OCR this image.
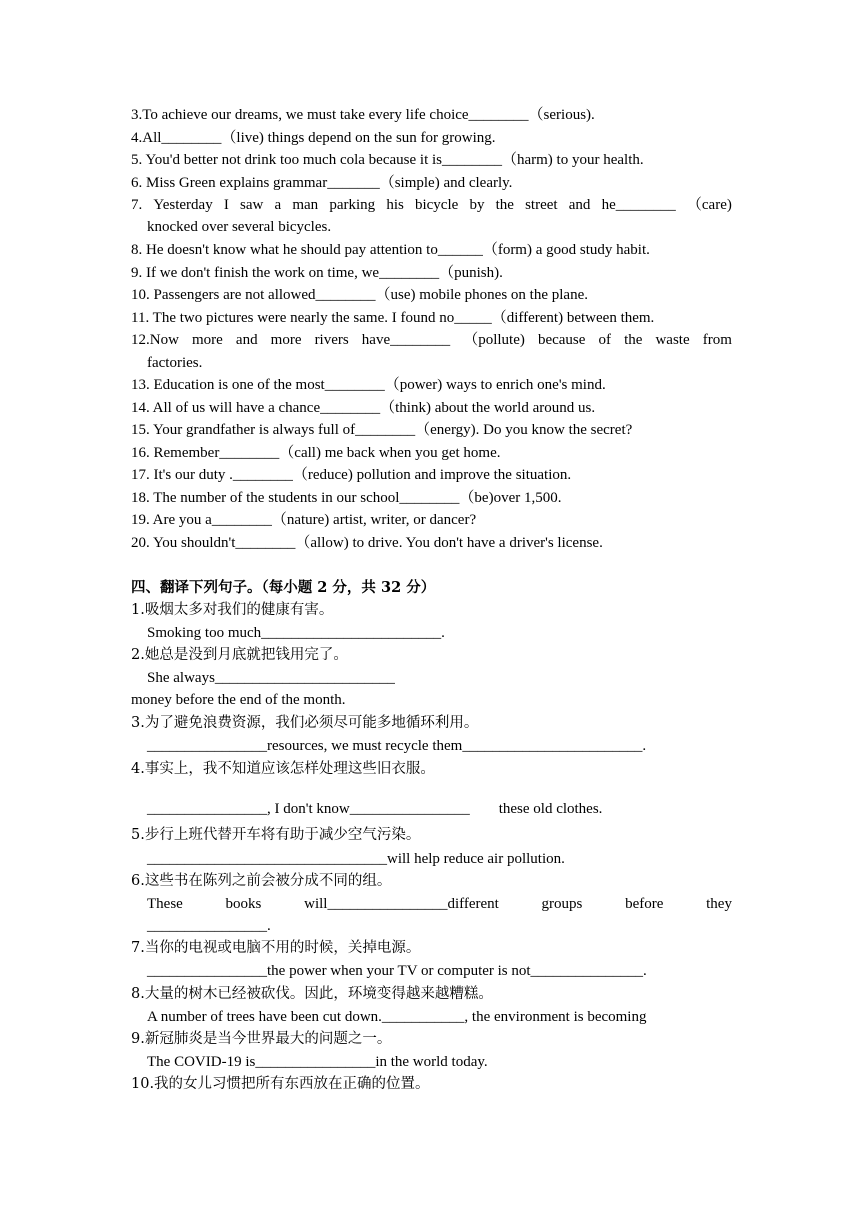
3.To achieve our dreams, we must take every life choice________（serious).
4.All________（live) things depend on the sun for growing.
5. You'd better not drink too much cola because it is________（harm) to your health.
6. Miss Green explains grammar_______（simple) and clearly.
7. Yesterday I saw a man parking his bicycle by the street and he________ （care)
knocked over several bicycles.
8. He doesn't know what he should pay attention to______（form) a good study habit.
9. If we don't finish the work on time, we________（punish).
10. Passengers are not allowed________（use) mobile phones on the plane.
11. The two pictures were nearly the same. I found no_____（different) between them.
12.Now more and more rivers have________ （pollute) because of the waste from
factories.
13. Education is one of the most________（power) ways to enrich one's mind.
14. All of us will have a chance________（think) about the world around us.
15. Your grandfather is always full of________（energy). Do you know the secret?
16. Remember________（call) me back when you get home.
17. It's our duty .________（reduce) pollution and improve the situation.
18. The number of the students in our school________（be)over 1,500.
19. Are you a________（nature) artist, writer, or dancer?
20. You shouldn't________（allow) to drive. You don't have a driver's license.
四、翻译下列句子。（每小题 2 分，共 32 分）
1.吸烟太多对我们的健康有害。
Smoking too much________________________.
2.她总是没到月底就把钱用完了。
She always________________________
money before the end of the month.
3.为了避免浪费资源，我们必须尽可能多地循环利用。
________________resources, we must recycle them________________________.
4.事实上，我不知道应该怎样处理这些旧衣服。
________________, I don't know________________ these old clothes.
5.步行上班代替开车将有助于减少空气污染。
________________________________will help reduce air pollution.
6.这些书在陈列之前会被分成不同的组。
These	books	will________________different	groups	before	they
________________.
7.当你的电视或电脑不用的时候，关掉电源。
________________the power when your TV or computer is not_______________.
8.大量的树木已经被砍伐。因此，环境变得越来越糟糕。
A number of trees have been cut down.___________, the environment is becoming
9.新冠肺炎是当今世界最大的问题之一。
The COVID-19 is________________in the world today.
10.我的女儿习惯把所有东西放在正确的位置。
